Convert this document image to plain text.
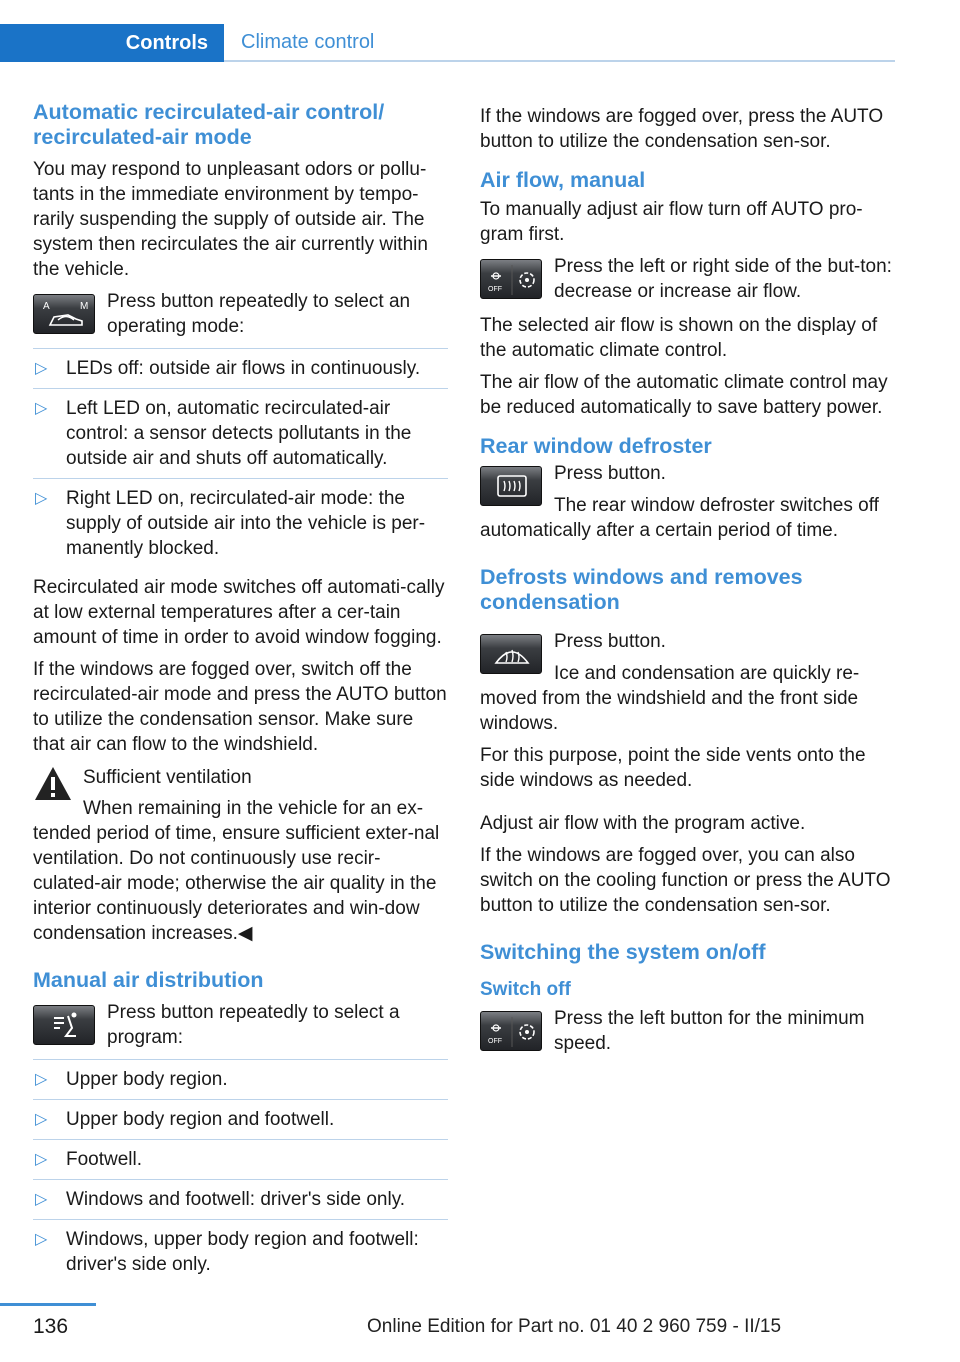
Controls Climate control
Automatic recirculated-air control/
recirculated-air mode

You may respond to unpleasant odors or pollu-tants in the immediate environment by tempo-rarily suspending the supply of outside air. The system then recirculates the air currently within the vehicle.

A	M Press button repeatedly to select an operating mode:
▷ LEDs off: outside air flows in continuously.
▷ Left LED on, automatic recirculated-air control: a sensor detects pollutants in the outside air and shuts off automatically.
▷ Right LED on, recirculated-air mode: the supply of outside air into the vehicle is per-manently blocked.

Recirculated air mode switches off automati-cally at low external temperatures after a cer-tain amount of time in order to avoid window fogging.

If the windows are fogged over, switch off the recirculated-air mode and press the AUTO button to utilize the condensation sensor. Make sure that air can flow to the windshield.

Sufficient ventilation

When remaining in the vehicle for an ex-tended period of time, ensure sufficient exter-nal ventilation. Do not continuously use recir-culated-air mode; otherwise the air quality in the interior continuously deteriorates and win-dow condensation increases.◀

Manual air distribution
Press button repeatedly to select a program:
▷ Upper body region.
▷ Upper body region and footwell.
▷ Footwell.
▷ Windows and footwell: driver's side only.
▷ Windows, upper body region and footwell: driver's side only.

If the windows are fogged over, press the AUTO button to utilize the condensation sen-sor.

Air flow, manual

To manually adjust air flow turn off AUTO pro-gram first.

OFF
Press the left or right side of the but-ton: decrease or increase air flow.

The selected air flow is shown on the display of the automatic climate control.

The air flow of the automatic climate control may be reduced automatically to save battery power.

Rear window defroster
Press button.

The rear window defroster switches off automatically after a certain period of time.

Defrosts windows and removes condensation
Press button.

Ice and condensation are quickly re-moved from the windshield and the front side windows.

For this purpose, point the side vents onto the side windows as needed.

Adjust air flow with the program active.

If the windows are fogged over, you can also switch on the cooling function or press the AUTO button to utilize the condensation sen-sor.

Switching the system on/off
Switch off
OFF
Press the left button for the minimum speed.
136	Online Edition for Part no. 01 40 2 960 759 - II/15
